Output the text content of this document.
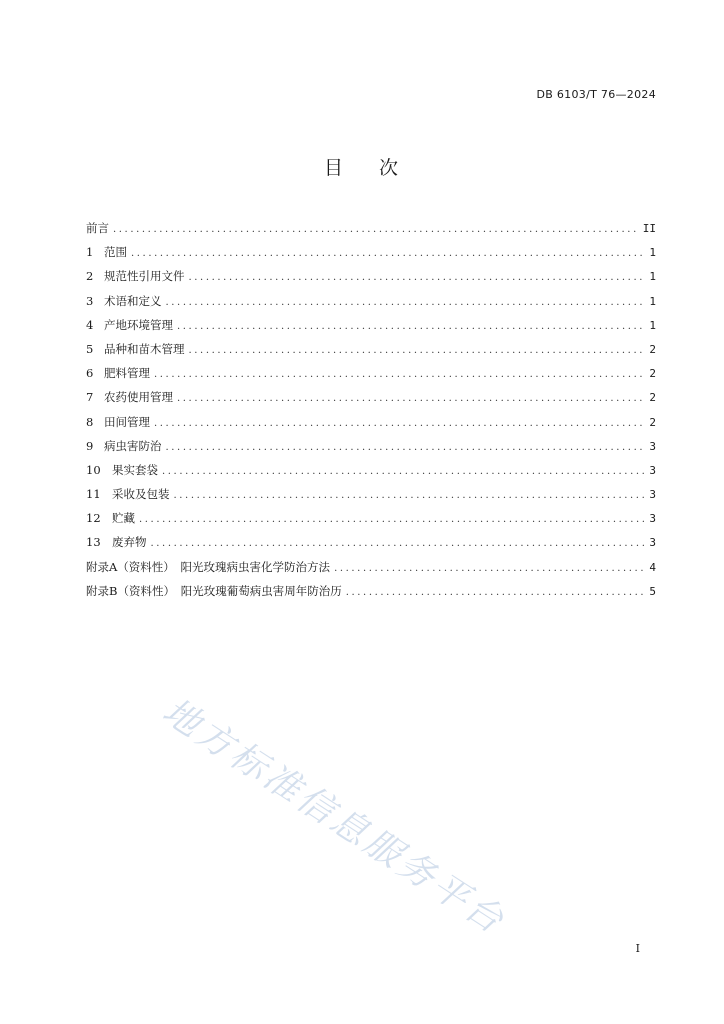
DB 6103/T 76—2024
目 次
前言 .....	II
1 范围 .....	1
2 规范性引用文件 .....	1
3 术语和定义 .....	1
4 产地环境管理 .....	1
5 品种和苗木管理 .....	2
6 肥料管理 .....	2
7 农药使用管理 .....	2
8 田间管理 .....	2
9 病虫害防治 .....	3
10 果实套袋 .....	3
11 采收及包装 .....	3
12 贮藏 .....	3
13 废弃物 .....	3
附录A（资料性）　阳光玫瑰病虫害化学防治方法 .....	4
附录B（资料性）　阳光玫瑰葡萄病虫害周年防治历 .....	5
地方标准信息服务平台
I
